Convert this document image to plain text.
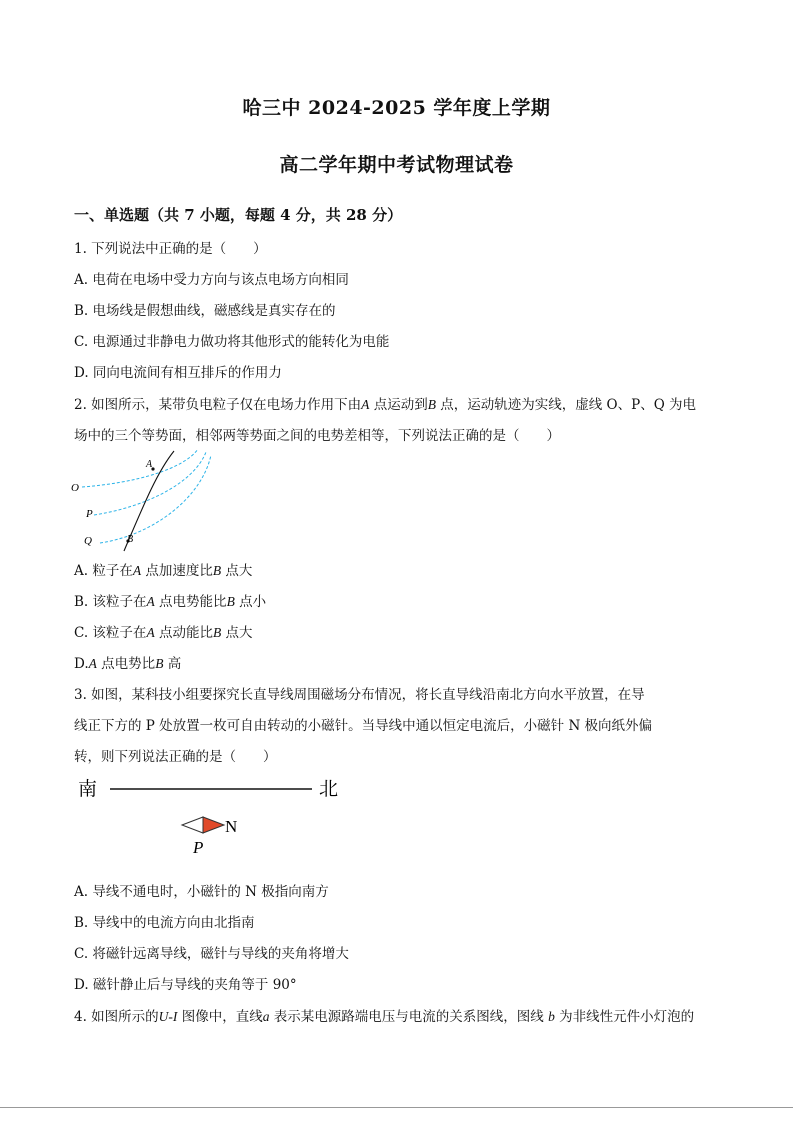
哈三中 2024-2025 学年度上学期
高二学年期中考试物理试卷
一、单选题（共 7 小题，每题 4 分，共 28 分）
1. 下列说法中正确的是（　　）
A. 电荷在电场中受力方向与该点电场方向相同
B. 电场线是假想曲线，磁感线是真实存在的
C. 电源通过非静电力做功将其他形式的能转化为电能
D. 同向电流间有相互排斥的作用力
2. 如图所示，某带负电粒子仅在电场力作用下由A 点运动到B 点，运动轨迹为实线，虚线 O、P、Q 为电
场中的三个等势面，相邻两等势面之间的电势差相等，下列说法正确的是（　　）
A
B
O
P
Q
A. 粒子在A 点加速度比B 点大
B. 该粒子在A 点电势能比B 点小
C. 该粒子在A 点动能比B 点大
D.A 点电势比B 高
3. 如图，某科技小组要探究长直导线周围磁场分布情况，将长直导线沿南北方向水平放置，在导
线正下方的 P 处放置一枚可自由转动的小磁针。当导线中通以恒定电流后，小磁针 N 极向纸外偏
转，则下列说法正确的是（　　）
南	北
N
P
A. 导线不通电时，小磁针的 N 极指向南方
B. 导线中的电流方向由北指南
C. 将磁针远离导线，磁针与导线的夹角将增大
D. 磁针静止后与导线的夹角等于 90°
4. 如图所示的U-I 图像中，直线a 表示某电源路端电压与电流的关系图线，图线 b 为非线性元件小灯泡的
